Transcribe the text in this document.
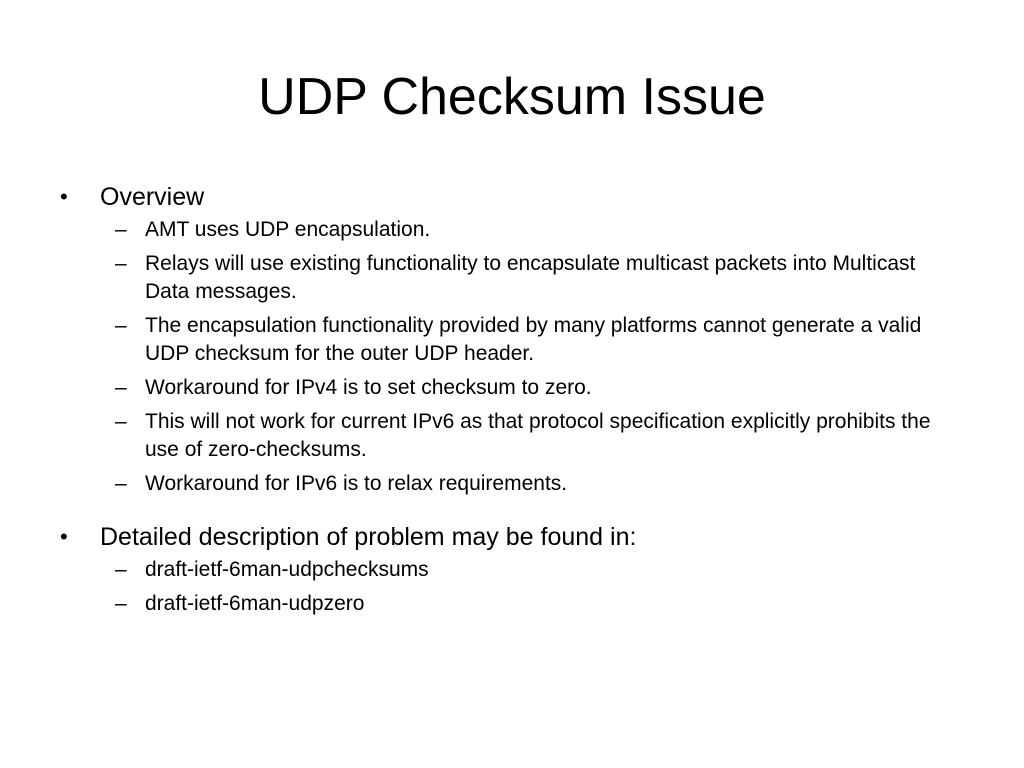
UDP Checksum Issue
•	Overview
– AMT uses UDP encapsulation.
– Relays will use existing functionality to encapsulate multicast packets into Multicast Data messages.
– The encapsulation functionality provided by many platforms cannot generate a valid UDP checksum for the outer UDP header.
– Workaround for IPv4 is to set checksum to zero.
– This will not work for current IPv6 as that protocol specification explicitly prohibits the use of zero-checksums.
– Workaround for IPv6 is to relax requirements.
•	Detailed description of problem may be found in:
– draft-ietf-6man-udpchecksums
– draft-ietf-6man-udpzero
